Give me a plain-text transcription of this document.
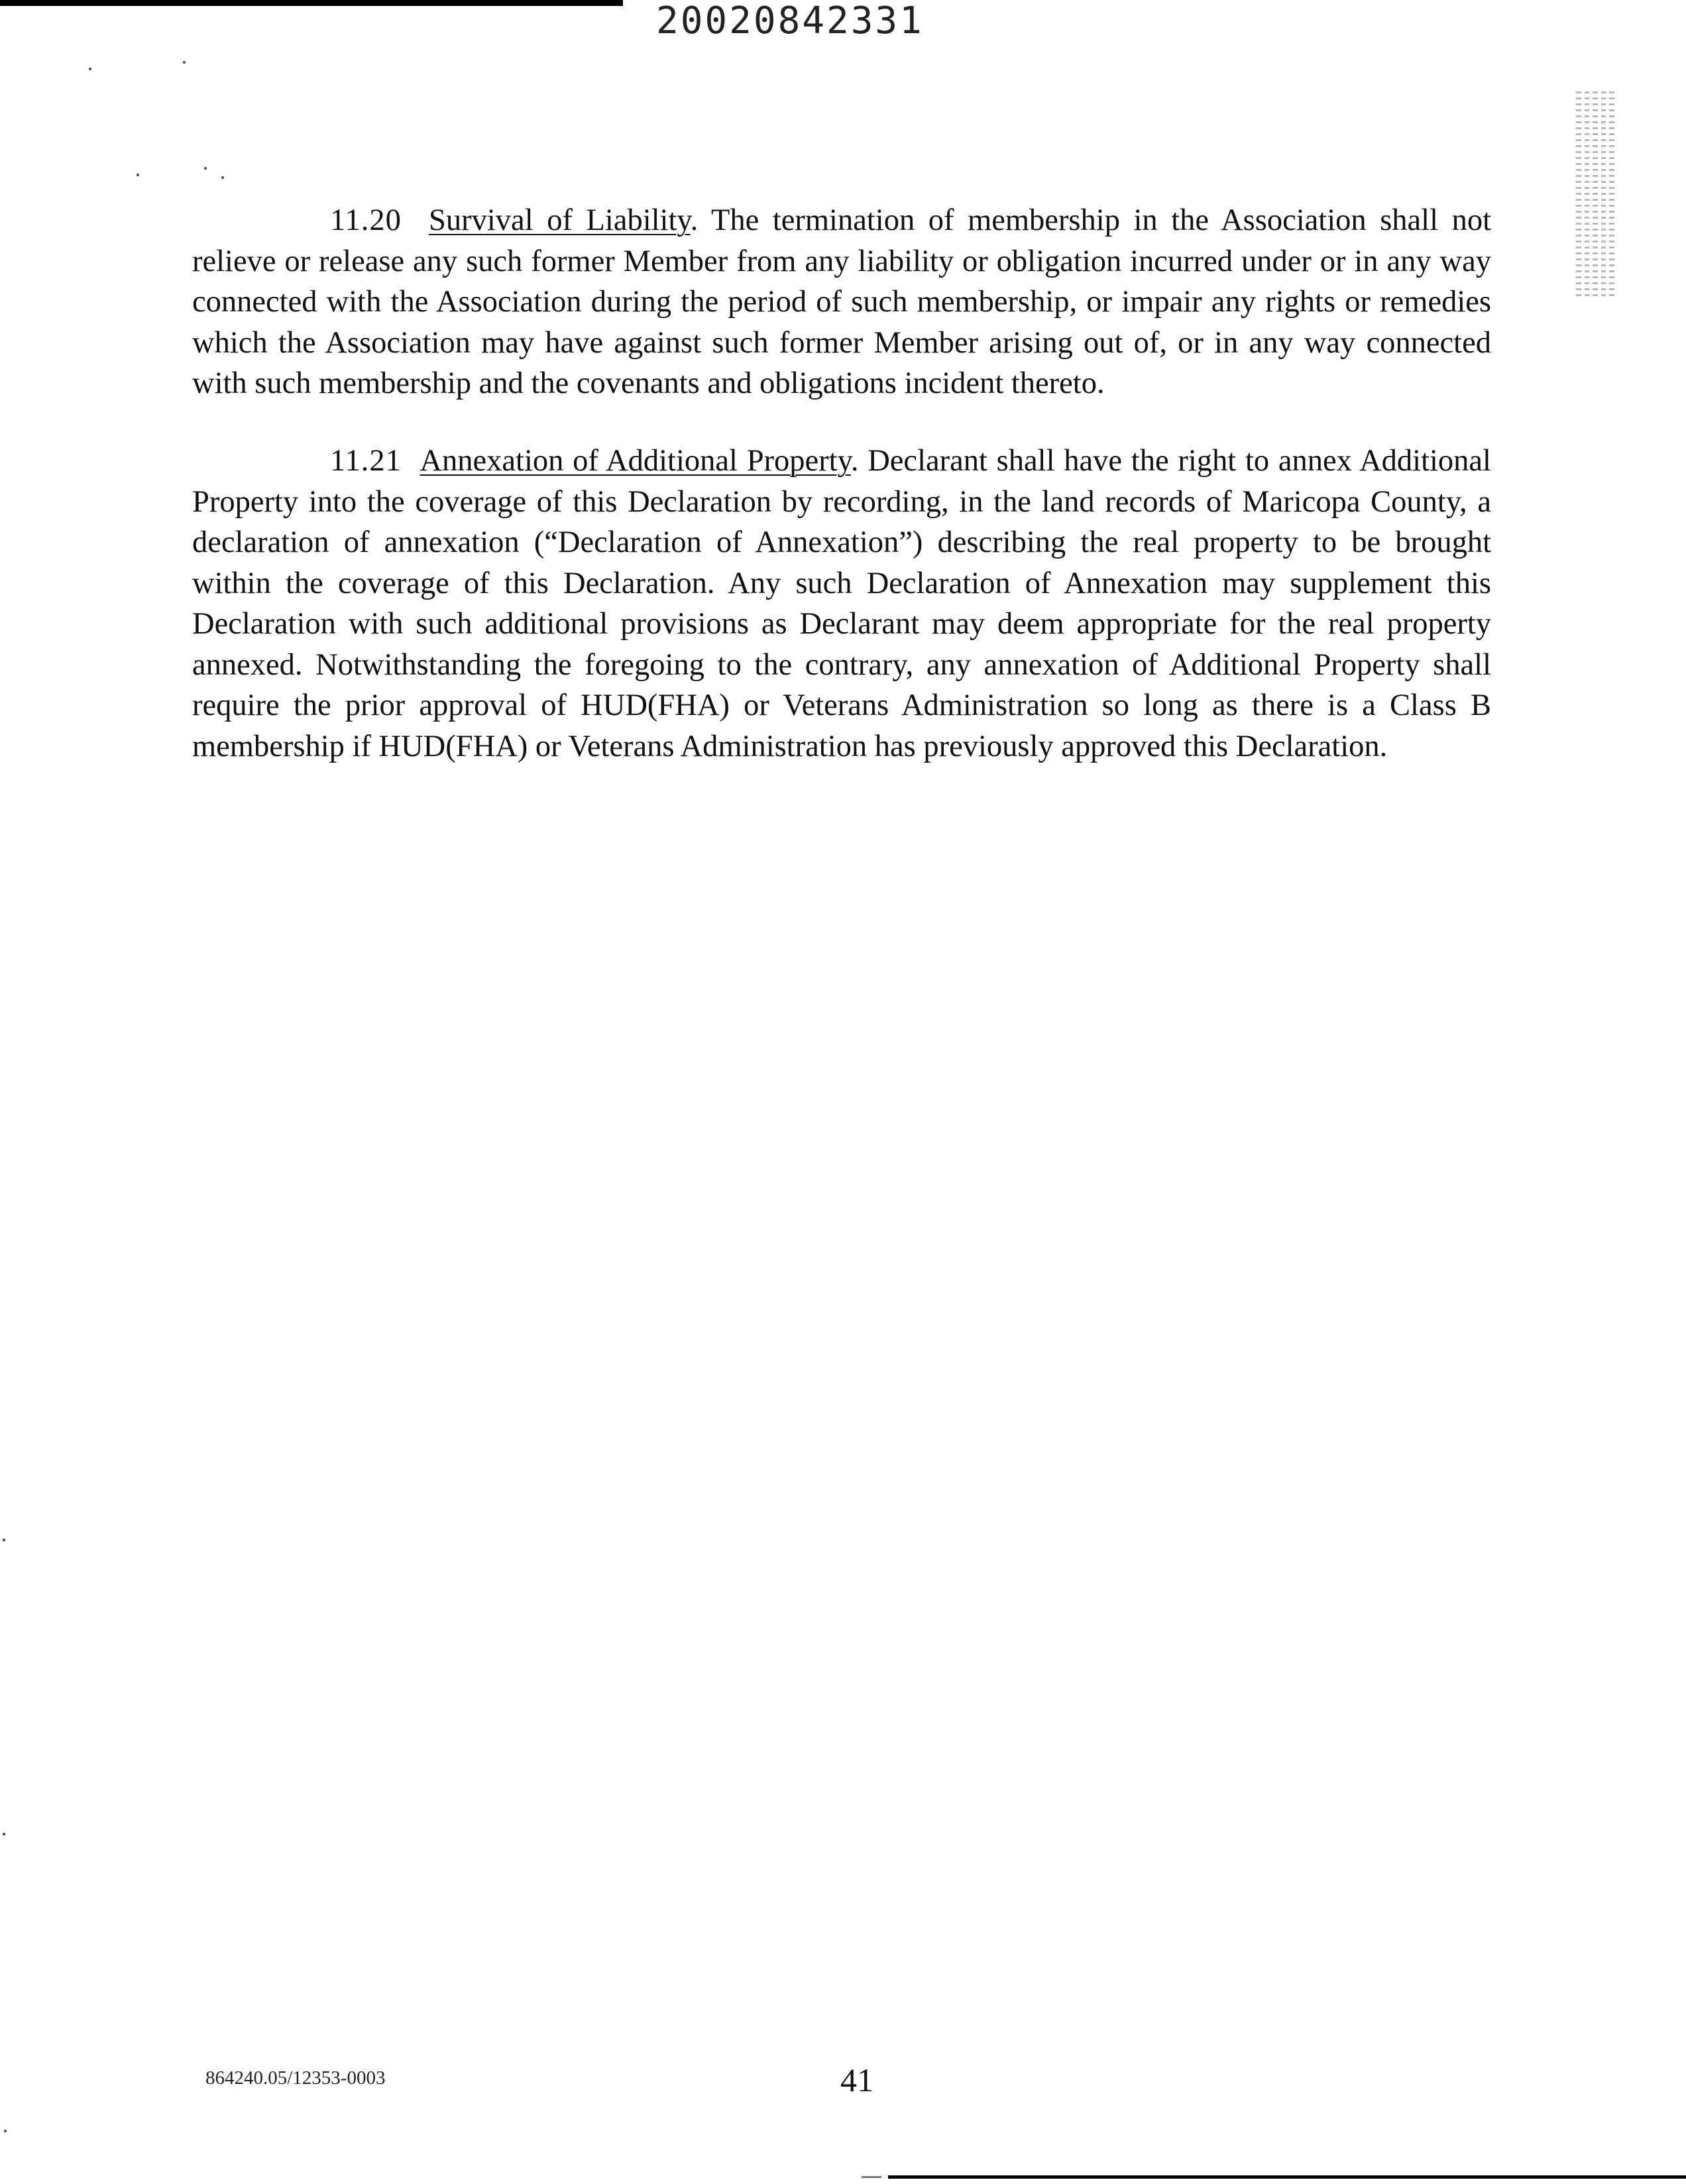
20020842331

11.20 Survival of Liability. The termination of membership in the Association shall not relieve or release any such former Member from any liability or obligation incurred under or in any way connected with the Association during the period of such membership, or impair any rights or remedies which the Association may have against such former Member arising out of, or in any way connected with such membership and the covenants and obligations incident thereto.

11.21 Annexation of Additional Property. Declarant shall have the right to annex Additional Property into the coverage of this Declaration by recording, in the land records of Maricopa County, a declaration of annexation (“Declaration of Annexation”) describing the real property to be brought within the coverage of this Declaration. Any such Declaration of Annexation may supplement this Declaration with such additional provisions as Declarant may deem appropriate for the real property annexed. Notwithstanding the foregoing to the contrary, any annexation of Additional Property shall require the prior approval of HUD(FHA) or Veterans Administration so long as there is a Class B membership if HUD(FHA) or Veterans Administration has previously approved this Declaration.

864240.05/12353-0003	41
